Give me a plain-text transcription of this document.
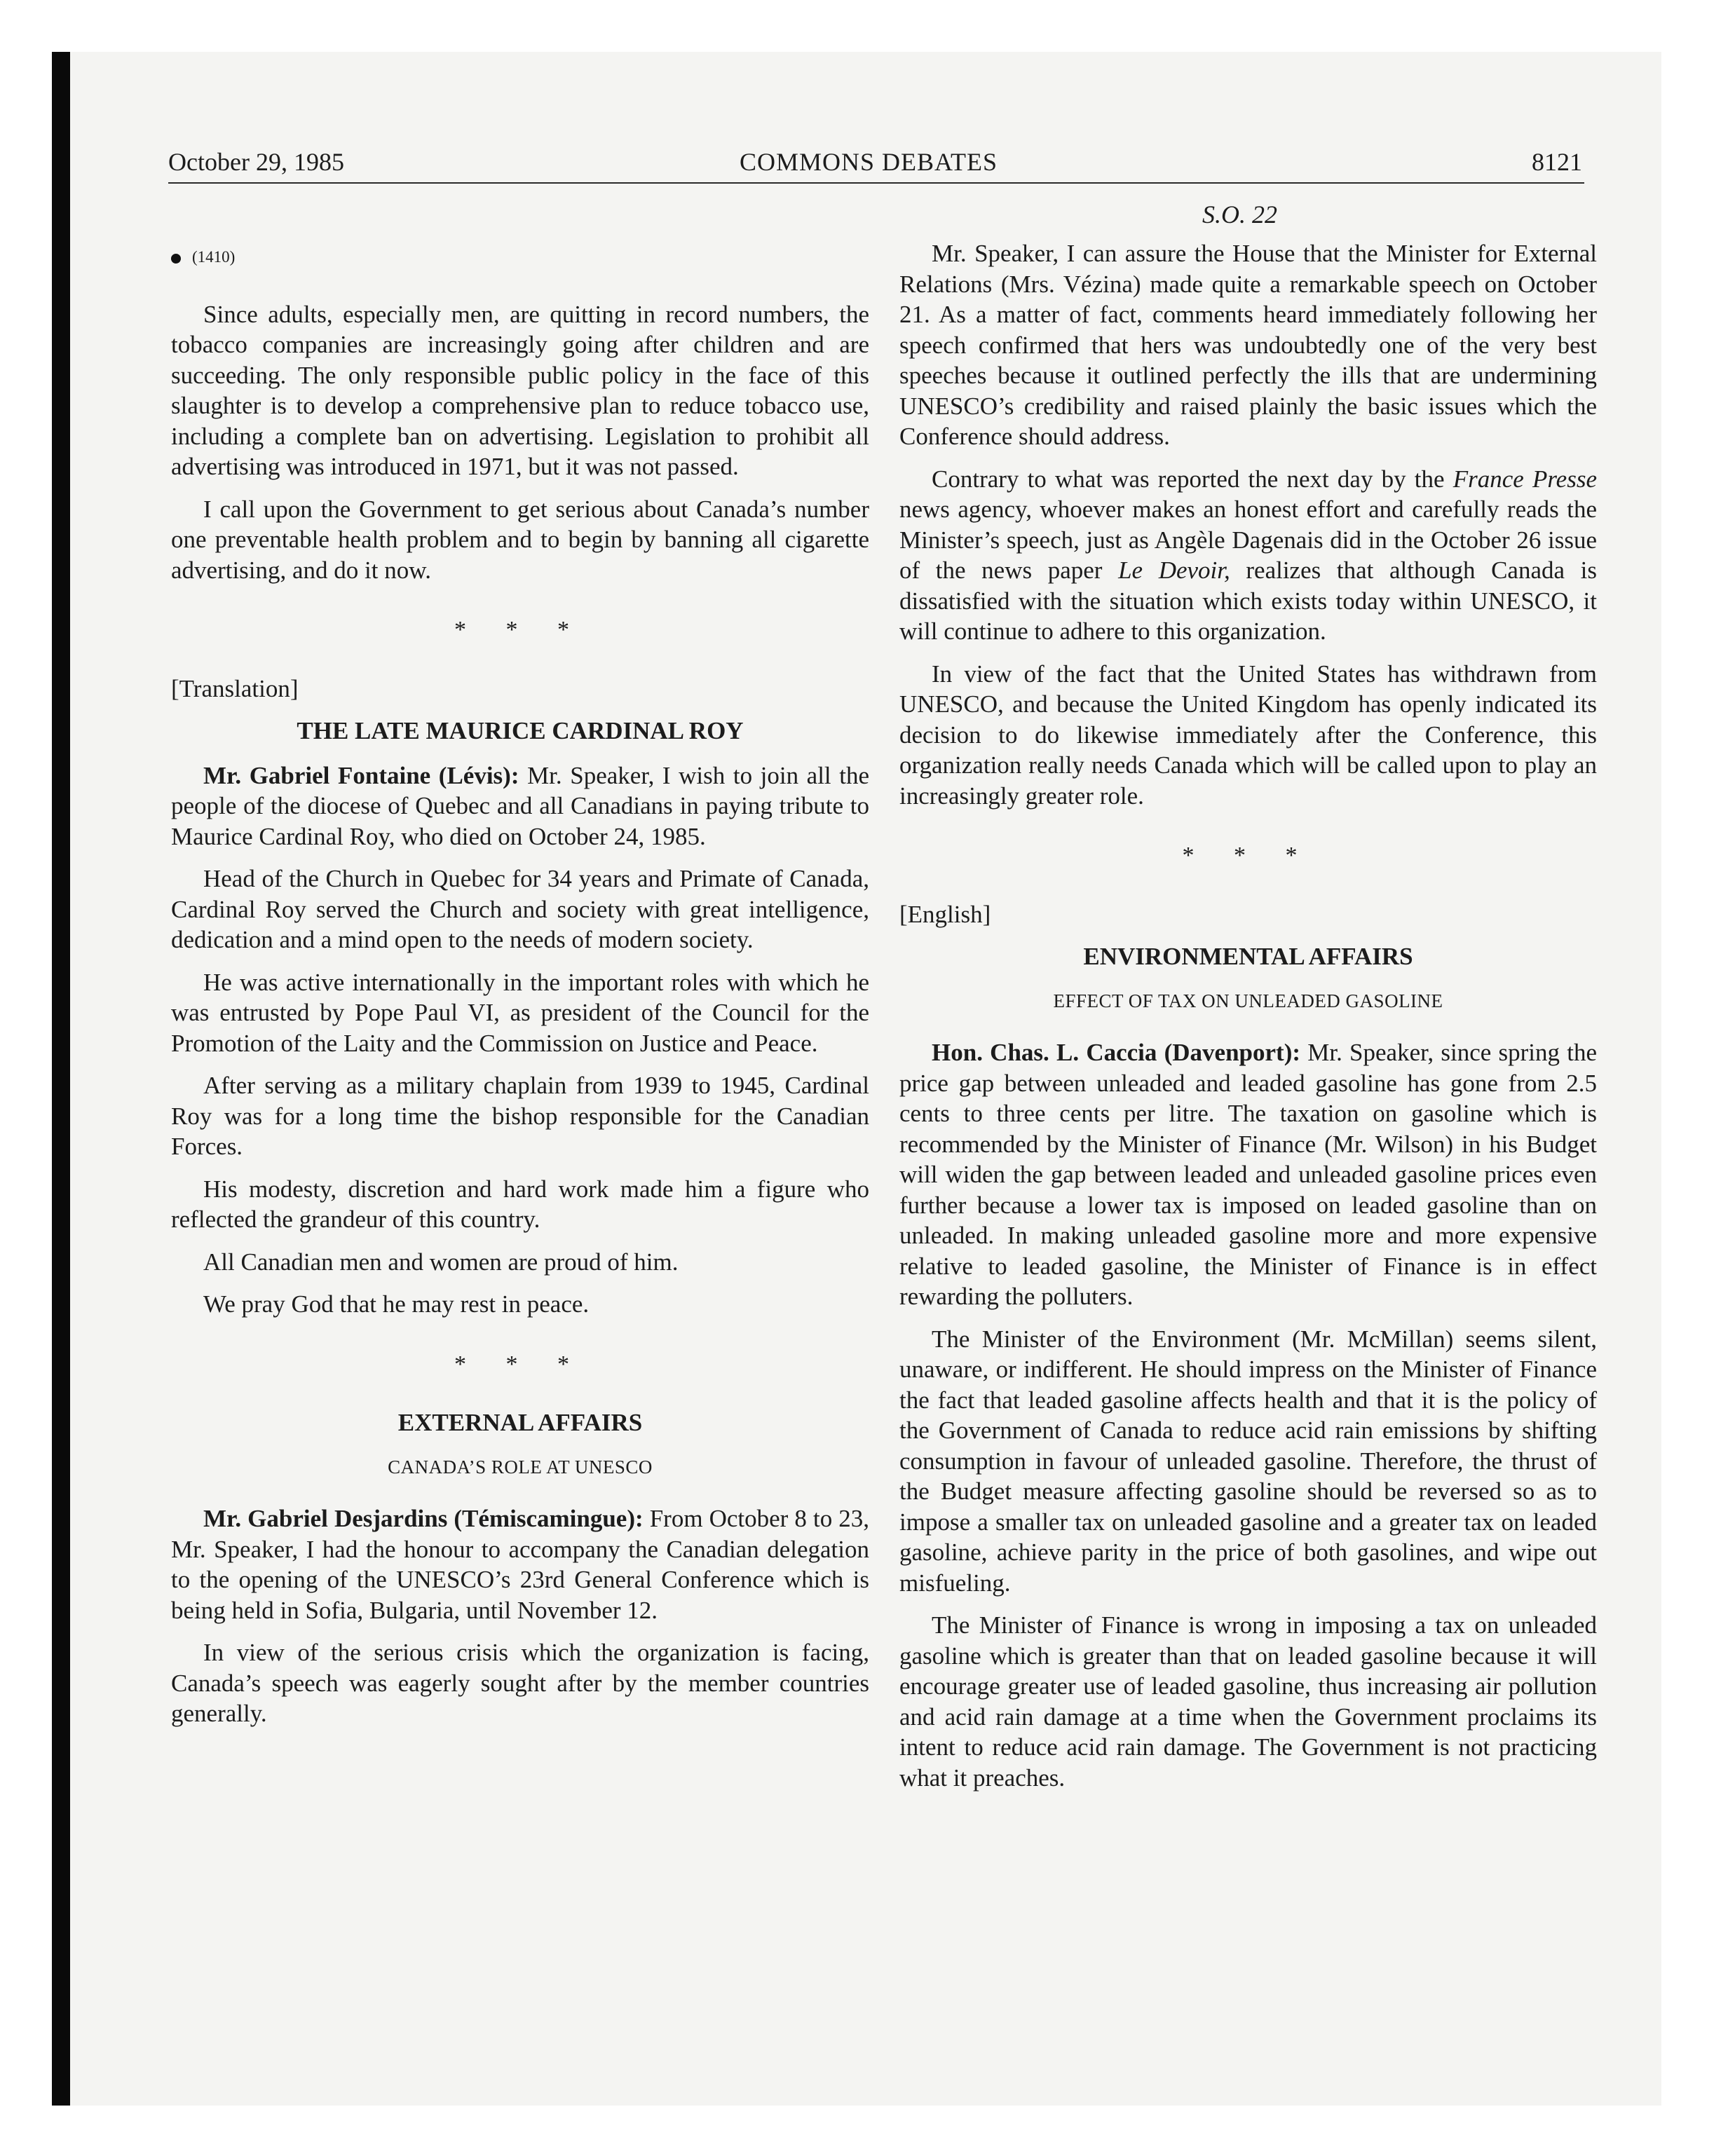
October 29, 1985	COMMONS DEBATES	8121
S.O. 22
(1410)

Since adults, especially men, are quitting in record numbers, the tobacco companies are increasingly going after children and are succeeding. The only responsible public policy in the face of this slaughter is to develop a comprehensive plan to reduce tobacco use, including a complete ban on advertising. Legislation to prohibit all advertising was introduced in 1971, but it was not passed.

I call upon the Government to get serious about Canada’s number one preventable health problem and to begin by banning all cigarette advertising, and do it now.

* * *

[Translation]

THE LATE MAURICE CARDINAL ROY

Mr. Gabriel Fontaine (Lévis): Mr. Speaker, I wish to join all the people of the diocese of Quebec and all Canadians in paying tribute to Maurice Cardinal Roy, who died on October 24, 1985.

Head of the Church in Quebec for 34 years and Primate of Canada, Cardinal Roy served the Church and society with great intelligence, dedication and a mind open to the needs of modern society.

He was active internationally in the important roles with which he was entrusted by Pope Paul VI, as president of the Council for the Promotion of the Laity and the Commission on Justice and Peace.

After serving as a military chaplain from 1939 to 1945, Cardinal Roy was for a long time the bishop responsible for the Canadian Forces.

His modesty, discretion and hard work made him a figure who reflected the grandeur of this country.

All Canadian men and women are proud of him.

We pray God that he may rest in peace.

* * *
EXTERNAL AFFAIRS
CANADA’S ROLE AT UNESCO

Mr. Gabriel Desjardins (Témiscamingue): From October 8 to 23, Mr. Speaker, I had the honour to accompany the Canadian delegation to the opening of the UNESCO’s 23rd General Conference which is being held in Sofia, Bulgaria, until November 12.

In view of the serious crisis which the organization is facing, Canada’s speech was eagerly sought after by the member countries generally.

Mr. Speaker, I can assure the House that the Minister for External Relations (Mrs. Vézina) made quite a remarkable speech on October 21. As a matter of fact, comments heard immediately following her speech confirmed that hers was undoubtedly one of the very best speeches because it outlined perfectly the ills that are undermining UNESCO’s credibility and raised plainly the basic issues which the Conference should address.

Contrary to what was reported the next day by the France Presse news agency, whoever makes an honest effort and carefully reads the Minister’s speech, just as Angèle Dagenais did in the October 26 issue of the news paper Le Devoir, realizes that although Canada is dissatisfied with the situation which exists today within UNESCO, it will continue to adhere to this organization.

In view of the fact that the United States has withdrawn from UNESCO, and because the United Kingdom has openly indicated its decision to do likewise immediately after the Conference, this organization really needs Canada which will be called upon to play an increasingly greater role.

* * *

[English]

ENVIRONMENTAL AFFAIRS
EFFECT OF TAX ON UNLEADED GASOLINE

Hon. Chas. L. Caccia (Davenport): Mr. Speaker, since spring the price gap between unleaded and leaded gasoline has gone from 2.5 cents to three cents per litre. The taxation on gasoline which is recommended by the Minister of Finance (Mr. Wilson) in his Budget will widen the gap between leaded and unleaded gasoline prices even further because a lower tax is imposed on leaded gasoline than on unleaded. In making unleaded gasoline more and more expensive relative to leaded gasoline, the Minister of Finance is in effect rewarding the polluters.

The Minister of the Environment (Mr. McMillan) seems silent, unaware, or indifferent. He should impress on the Minister of Finance the fact that leaded gasoline affects health and that it is the policy of the Government of Canada to reduce acid rain emissions by shifting consumption in favour of unleaded gasoline. Therefore, the thrust of the Budget measure affecting gasoline should be reversed so as to impose a smaller tax on unleaded gasoline and a greater tax on leaded gasoline, achieve parity in the price of both gasolines, and wipe out misfueling.

The Minister of Finance is wrong in imposing a tax on unleaded gasoline which is greater than that on leaded gasoline because it will encourage greater use of leaded gasoline, thus increasing air pollution and acid rain damage at a time when the Government proclaims its intent to reduce acid rain damage. The Government is not practicing what it preaches.
